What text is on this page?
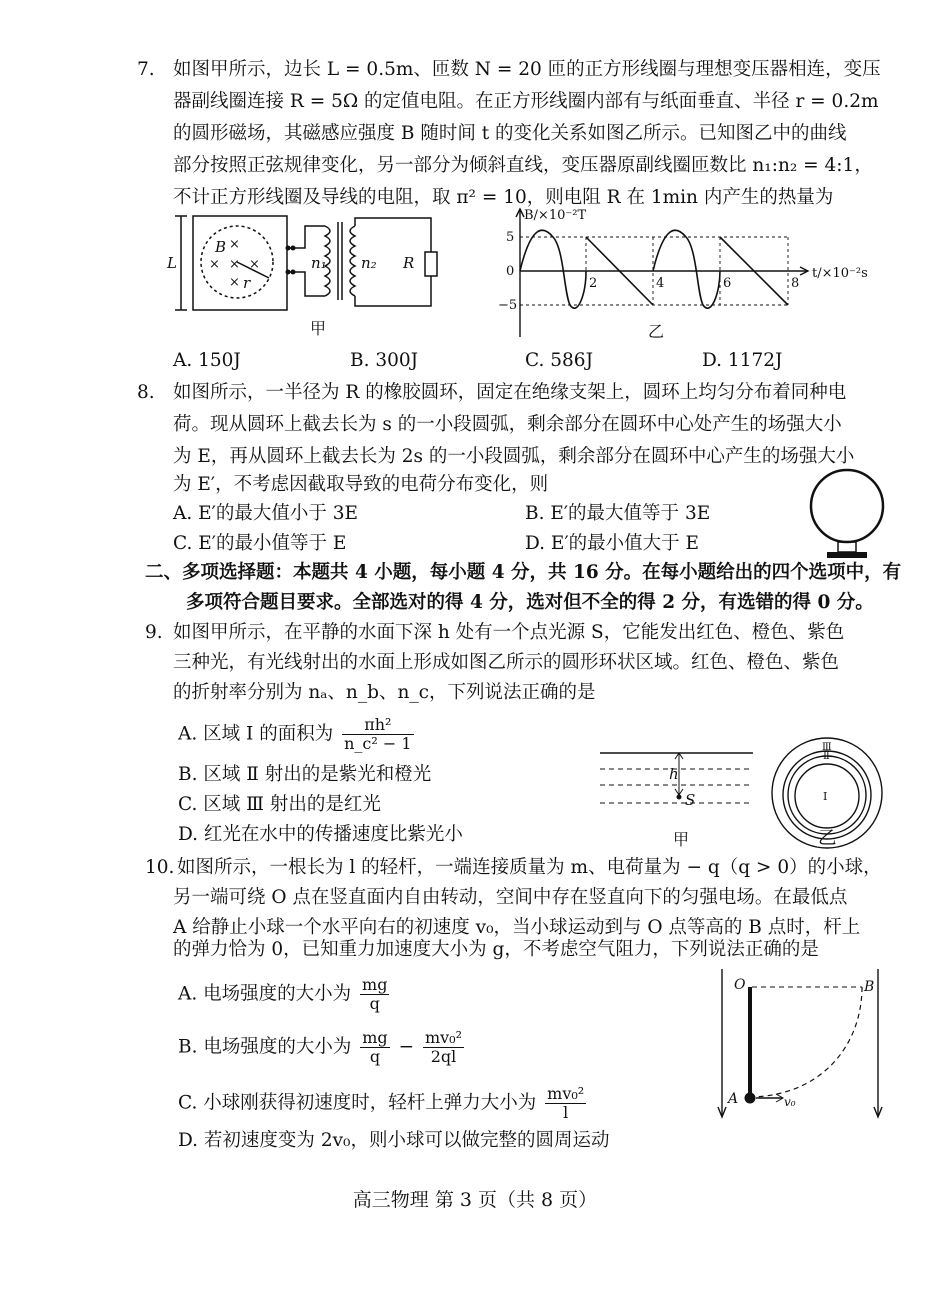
7. 如图甲所示，边长 L = 0.5m、匝数 N = 20 匝的正方形线圈与理想变压器相连，变压
器副线圈连接 R = 5Ω 的定值电阻。在正方形线圈内部有与纸面垂直、半径 r = 0.2m
的圆形磁场，其磁感应强度 B 随时间 t 的变化关系如图乙所示。已知图乙中的曲线
部分按照正弦规律变化，另一部分为倾斜直线，变压器原副线圈匝数比 n₁:n₂ = 4:1，
不计正方形线圈及导线的电阻，取 π² = 10，则电阻 R 在 1min 内产生的热量为
L
B
r
n₁ n₂ R
×
× × ×
×
甲
B/×10⁻²T
t/×10⁻²s
5
0
−5
2	4	6	8
乙
A. 150J	B. 300J	C. 586J	D. 1172J
8. 如图所示，一半径为 R 的橡胶圆环，固定在绝缘支架上，圆环上均匀分布着同种电
荷。现从圆环上截去长为 s 的一小段圆弧，剩余部分在圆环中心处产生的场强大小
为 E，再从圆环上截去长为 2s 的一小段圆弧，剩余部分在圆环中心产生的场强大小
为 E′，不考虑因截取导致的电荷分布变化，则
A. E′的最大值小于 3E	B. E′的最大值等于 3E
C. E′的最小值等于 E	D. E′的最小值大于 E
二、多项选择题：本题共 4 小题，每小题 4 分，共 16 分。在每小题给出的四个选项中，有
多项符合题目要求。全部选对的得 4 分，选对但不全的得 2 分，有选错的得 0 分。
9. 如图甲所示，在平静的水面下深 h 处有一个点光源 S，它能发出红色、橙色、紫色
三种光，有光线射出的水面上形成如图乙所示的圆形环状区域。红色、橙色、紫色
的折射率分别为 nₐ、n_b、n_c，下列说法正确的是
A. 区域 Ⅰ 的面积为 $\frac{\text{πh²}}{\text{n\_c² − 1}}$
B. 区域 Ⅱ 射出的是紫光和橙光
C. 区域 Ⅲ 射出的是红光
D. 红光在水中的传播速度比紫光小
h
S
甲
Ⅲ
Ⅱ
Ⅰ
乙
10. 如图所示，一根长为 l 的轻杆，一端连接质量为 m、电荷量为 − q（q > 0）的小球，
另一端可绕 O 点在竖直面内自由转动，空间中存在竖直向下的匀强电场。在最低点
A 给静止小球一个水平向右的初速度 v₀，当小球运动到与 O 点等高的 B 点时，杆上
的弹力恰为 0，已知重力加速度大小为 g，不考虑空气阻力，下列说法正确的是
A. 电场强度的大小为 $\frac{mg}{q}$
B. 电场强度的大小为 $\frac{mg}{q} - \frac{\text{mv₀²}}{2ql}$
C. 小球刚获得初速度时，轻杆上弹力大小为 $\frac{\text{mv₀²}}{l}$
D. 若初速度变为 2v₀，则小球可以做完整的圆周运动
O	B
A	v₀
高三物理 第 3 页（共 8 页）
